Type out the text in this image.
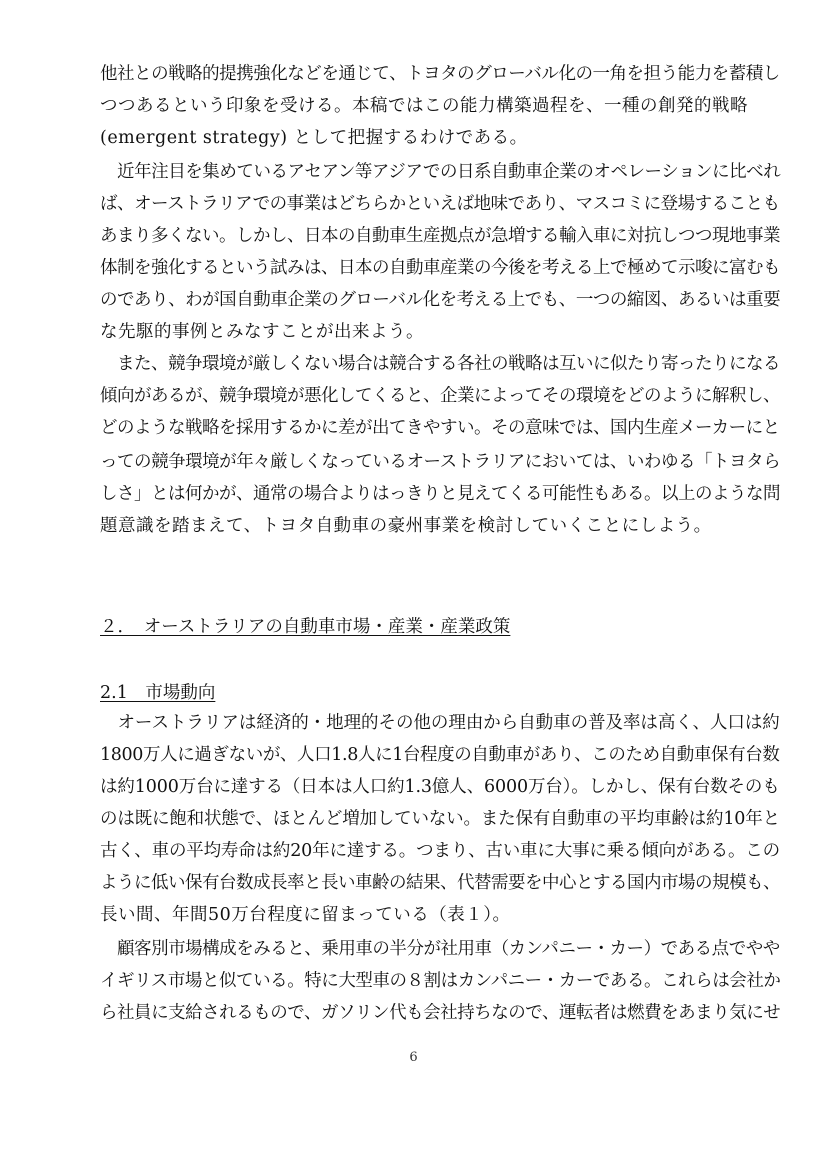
他社との戦略的提携強化などを通じて、トヨタのグローバル化の一角を担う能力を蓄積し
つつあるという印象を受ける。本稿ではこの能力構築過程を、一種の創発的戦略
(emergent strategy) として把握するわけである。
　近年注目を集めているアセアン等アジアでの日系自動車企業のオペレーションに比べれ
ば、オーストラリアでの事業はどちらかといえば地味であり、マスコミに登場することも
あまり多くない。しかし、日本の自動車生産拠点が急増する輸入車に対抗しつつ現地事業
体制を強化するという試みは、日本の自動車産業の今後を考える上で極めて示唆に富むも
のであり、わが国自動車企業のグローバル化を考える上でも、一つの縮図、あるいは重要
な先駆的事例とみなすことが出来よう。
　また、競争環境が厳しくない場合は競合する各社の戦略は互いに似たり寄ったりになる
傾向があるが、競争環境が悪化してくると、企業によってその環境をどのように解釈し、
どのような戦略を採用するかに差が出てきやすい。その意味では、国内生産メーカーにと
っての競争環境が年々厳しくなっているオーストラリアにおいては、いわゆる「トヨタら
しさ」とは何かが、通常の場合よりはっきりと見えてくる可能性もある。以上のような問
題意識を踏まえて、トヨタ自動車の豪州事業を検討していくことにしよう。
２．　オーストラリアの自動車市場・産業・産業政策
2.1　市場動向
　オーストラリアは経済的・地理的その他の理由から自動車の普及率は高く、人口は約
1800万人に過ぎないが、人口1.8人に1台程度の自動車があり、このため自動車保有台数
は約1000万台に達する（日本は人口約1.3億人、6000万台）。しかし、保有台数そのも
のは既に飽和状態で、ほとんど増加していない。また保有自動車の平均車齢は約10年と
古く、車の平均寿命は約20年に達する。つまり、古い車に大事に乗る傾向がある。この
ように低い保有台数成長率と長い車齢の結果、代替需要を中心とする国内市場の規模も、
長い間、年間50万台程度に留まっている（表１）。
　顧客別市場構成をみると、乗用車の半分が社用車（カンパニー・カー）である点でやや
イギリス市場と似ている。特に大型車の８割はカンパニー・カーである。これらは会社か
ら社員に支給されるもので、ガソリン代も会社持ちなので、運転者は燃費をあまり気にせ
6
